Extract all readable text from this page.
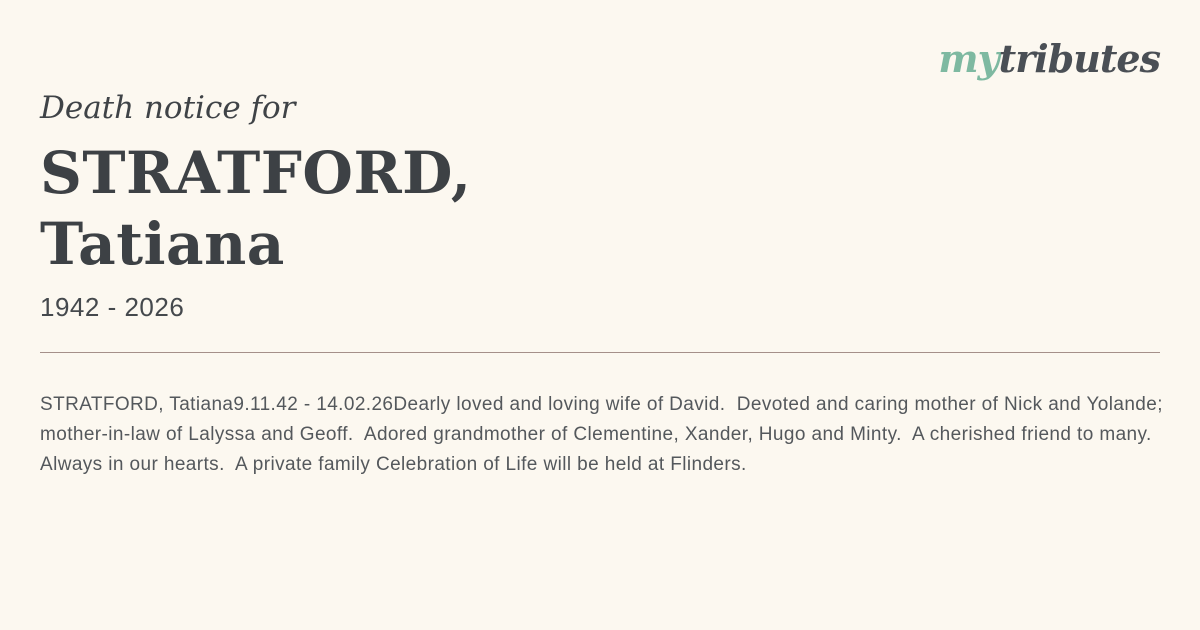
mytributes
Death notice for
STRATFORD,
Tatiana
1942 - 2026

STRATFORD, Tatiana9.11.42 - 14.02.26Dearly loved and loving wife of David.  Devoted and caring mother of Nick and Yolande; mother-in-law of Lalyssa and Geoff.  Adored grandmother of Clementine, Xander, Hugo and Minty.  A cherished friend to many.  Always in our hearts.  A private family Celebration of Life will be held at Flinders.
